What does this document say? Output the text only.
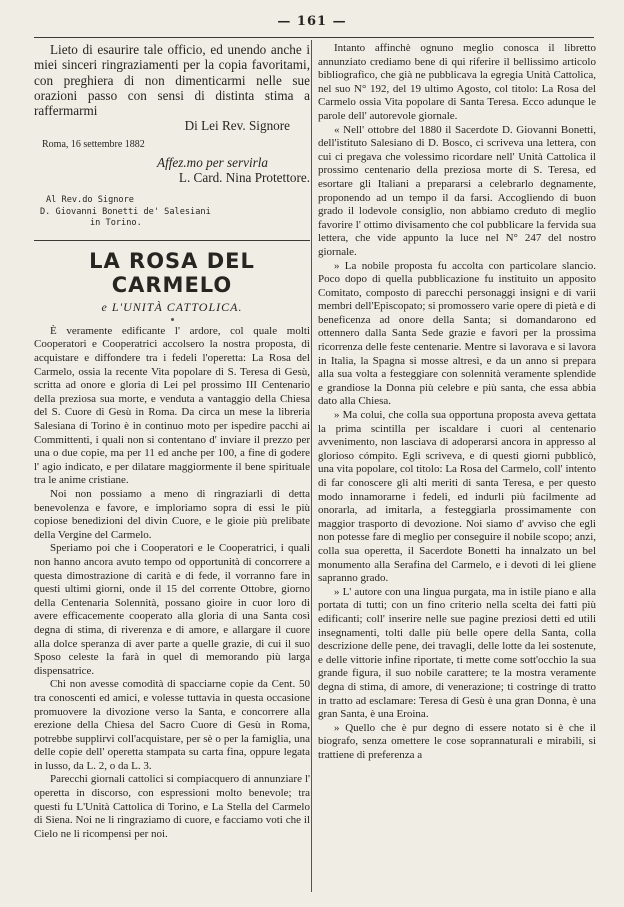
— 161 —

Lieto di esaurire tale officio, ed unendo anche i miei sinceri ringraziamenti per la copia favoritami, con preghiera di non dimenticarmi nelle sue orazioni passo con sensi di distinta stima a raffermarmi

Di Lei Rev. Signore

Roma, 16 settembre 1882

Affez.mo per servirla

L. Card. Nina Protettore.

Al Rev.do Signore

D. Giovanni Bonetti de' Salesiani

in Torino.

LA ROSA DEL CARMELO
e L'UNITÀ CATTOLICA.

È veramente edificante l' ardore, col quale molti Cooperatori e Cooperatrici accolsero la nostra proposta, di acquistare e diffondere tra i fedeli l'operetta: La Rosa del Carmelo, ossia la recente Vita popolare di S. Teresa di Gesù, scritta ad onore e gloria di Lei pel prossimo III Centenario della preziosa sua morte, e venduta a vantaggio della Chiesa del S. Cuore di Gesù in Roma. Da circa un mese la libreria Salesiana di Torino è in continuo moto per ispedire pacchi ai Committenti, i quali non si contentano d' inviare il prezzo per una o due copie, ma per 11 ed anche per 100, a fine di godere l' agio indicato, e per dilatare maggiormente il bene spirituale tra le anime cristiane.

Noi non possiamo a meno di ringraziarli di detta benevolenza e favore, e imploriamo sopra di essi le più copiose benedizioni del divin Cuore, e le gioie più prelibate della Vergine del Carmelo.

Speriamo poi che i Cooperatori e le Cooperatrici, i quali non hanno ancora avuto tempo od opportunità di concorrere a questa dimostrazione di carità e di fede, il vorranno fare in questi ultimi giorni, onde il 15 del corrente Ottobre, giorno della Centenaria Solennità, possano gioire in cuor loro di avere efficacemente cooperato alla gloria di una Santa così degna di stima, di riverenza e di amore, e allargare il cuore alla dolce speranza di aver parte a quelle grazie, di cui il suo Sposo celeste la farà in quel dì memorando più larga dispensatrice.

Chi non avesse comodità di spacciarne copie da Cent. 50 tra conoscenti ed amici, e volesse tuttavia in questa occasione promuovere la divozione verso la Santa, e concorrere alla erezione della Chiesa del Sacro Cuore di Gesù in Roma, potrebbe supplirvi coll'acquistare, per sè o per la famiglia, una delle copie dell' operetta stampata su carta fina, oppure legata in lusso, da L. 2, o da L. 3.

Parecchi giornali cattolici si compiacquero di annunziare l' operetta in discorso, con espressioni molto benevole; tra questi fu L'Unità Cattolica di Torino, e La Stella del Carmelo di Siena. Noi ne li ringraziamo di cuore, e facciamo voti che il Cielo ne li ricompensi per noi.

Intanto affinchè ognuno meglio conosca il libretto annunziato crediamo bene di qui riferire il bellissimo articolo bibliografico, che già ne pubblicava la egregia Unità Cattolica, nel suo N° 192, del 19 ultimo Agosto, col titolo: La Rosa del Carmelo ossia Vita popolare di Santa Teresa. Ecco adunque le parole dell' autorevole giornale.

« Nell' ottobre del 1880 il Sacerdote D. Giovanni Bonetti, dell'istituto Salesiano di D. Bosco, ci scriveva una lettera, con cui ci pregava che volessimo ricordare nell' Unità Cattolica il prossimo centenario della preziosa morte di S. Teresa, ed esortare gli Italiani a prepararsi a celebrarlo degnamente, proponendo ad un tempo il da farsi. Accogliendo di buon grado il lodevole consiglio, non abbiamo creduto di meglio favorire l' ottimo divisamento che col pubblicare la fervida sua lettera, che vide appunto la luce nel N° 247 del nostro giornale.

» La nobile proposta fu accolta con particolare slancio. Poco dopo di quella pubblicazione fu instituito un apposito Comitato, composto di parecchi personaggi insigni e di varii membri dell'Episcopato; si promossero varie opere di pietà e di beneficenza ad onore della Santa; si domandarono ed ottennero dalla Santa Sede grazie e favori per la prossima ricorrenza delle feste centenarie. Mentre si lavorava e si lavora in Italia, la Spagna si mosse altresì, e da un anno si prepara alla sua volta a festeggiare con solennità veramente splendide e grandiose la Donna più celebre e più santa, che essa abbia dato alla Chiesa.

» Ma colui, che colla sua opportuna proposta aveva gettata la prima scintilla per iscaldare i cuori al centenario avvenimento, non lasciava di adoperarsi ancora in appresso al glorioso cómpito. Egli scriveva, e di questi giorni pubblicò, una vita popolare, col titolo: La Rosa del Carmelo, coll' intento di far conoscere gli alti meriti di santa Teresa, e per questo modo innamorarne i fedeli, ed indurli più facilmente ad onorarla, ad imitarla, a festeggiarla prossimamente con maggior trasporto di devozione. Noi siamo d' avviso che egli non potesse fare di meglio per conseguire il nobile scopo; anzi, colla sua operetta, il Sacerdote Bonetti ha innalzato un bel monumento alla Serafina del Carmelo, e i devoti di lei gliene sapranno grado.

» L' autore con una lingua purgata, ma in istile piano e alla portata di tutti; con un fino criterio nella scelta dei fatti più edificanti; coll' inserire nelle sue pagine preziosi detti ed utili insegnamenti, tolti dalle più belle opere della Santa, colla descrizione delle pene, dei travagli, delle lotte da lei sostenute, e delle vittorie infine riportate, ti mette come sott'occhio la sua grande figura, il suo nobile carattere; te la mostra veramente degna di stima, di amore, di venerazione; ti costringe di tratto in tratto ad esclamare: Teresa di Gesù è una gran Donna, è una gran Santa, è una Eroina.

» Quello che è pur degno di essere notato si è che il biografo, senza omettere le cose soprannaturali e mirabili, si trattiene di preferenza a
